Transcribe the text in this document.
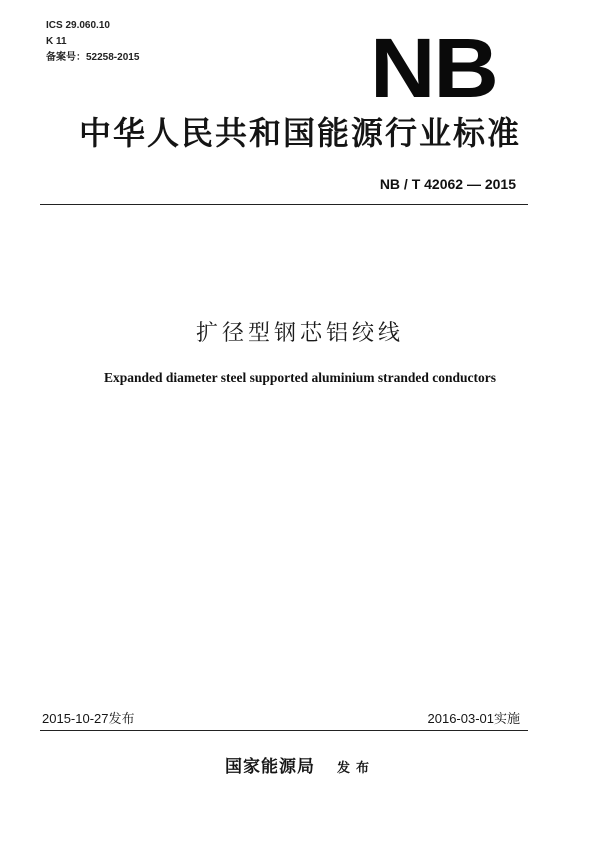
ICS 29.060.10
K 11
备案号：52258-2015	NB
中华人民共和国能源行业标准
NB / T 42062 — 2015
扩径型钢芯铝绞线
Expanded diameter steel supported aluminium stranded conductors
2015-10-27发布	2016-03-01实施
国家能源局 发布
